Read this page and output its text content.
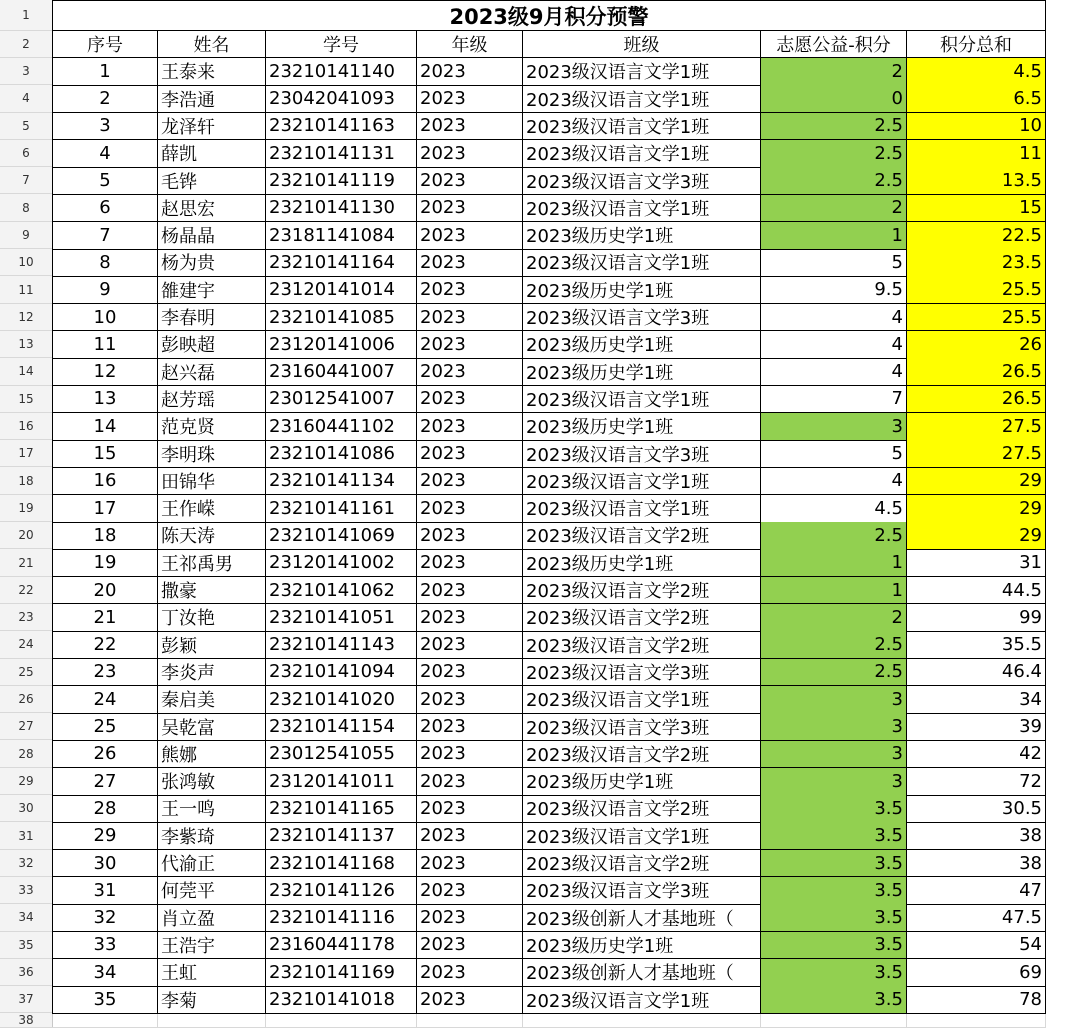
1
2
3
4
5
6
7
8
9
10
11
12
13
14
15
16
17
18
19
20
21
22
23
24
25
26
27
28
29
30
31
32
33
34
35
36
37
38
2023级9月积分预警
序号	姓名	学号	年级	班级	志愿公益-积分	积分总和
1	王泰来	23210141140	2023	2023级汉语言文学1班	2	4.5
2	李浩通	23042041093	2023	2023级汉语言文学1班	0	6.5
3	龙泽轩	23210141163	2023	2023级汉语言文学1班	2.5	10
4	薛凯	23210141131	2023	2023级汉语言文学1班	2.5	11
5	毛铧	23210141119	2023	2023级汉语言文学3班	2.5	13.5
6	赵思宏	23210141130	2023	2023级汉语言文学1班	2	15
7	杨晶晶	23181141084	2023	2023级历史学1班	1	22.5
8	杨为贵	23210141164	2023	2023级汉语言文学1班	5	23.5
9	雒建宇	23120141014	2023	2023级历史学1班	9.5	25.5
10	李春明	23210141085	2023	2023级汉语言文学3班	4	25.5
11	彭映超	23120141006	2023	2023级历史学1班	4	26
12	赵兴磊	23160441007	2023	2023级历史学1班	4	26.5
13	赵芳瑶	23012541007	2023	2023级汉语言文学1班	7	26.5
14	范克贤	23160441102	2023	2023级历史学1班	3	27.5
15	李明珠	23210141086	2023	2023级汉语言文学3班	5	27.5
16	田锦华	23210141134	2023	2023级汉语言文学1班	4	29
17	王作嵘	23210141161	2023	2023级汉语言文学1班	4.5	29
18	陈天涛	23210141069	2023	2023级汉语言文学2班	2.5	29
19	王祁禹男	23120141002	2023	2023级历史学1班	1	31
20	撒豪	23210141062	2023	2023级汉语言文学2班	1	44.5
21	丁汝艳	23210141051	2023	2023级汉语言文学2班	2	99
22	彭颖	23210141143	2023	2023级汉语言文学2班	2.5	35.5
23	李炎声	23210141094	2023	2023级汉语言文学3班	2.5	46.4
24	秦启美	23210141020	2023	2023级汉语言文学1班	3	34
25	吴乾富	23210141154	2023	2023级汉语言文学3班	3	39
26	熊娜	23012541055	2023	2023级汉语言文学2班	3	42
27	张鸿敏	23120141011	2023	2023级历史学1班	3	72
28	王一鸣	23210141165	2023	2023级汉语言文学2班	3.5	30.5
29	李紫琦	23210141137	2023	2023级汉语言文学1班	3.5	38
30	代渝正	23210141168	2023	2023级汉语言文学2班	3.5	38
31	何莞平	23210141126	2023	2023级汉语言文学3班	3.5	47
32	肖立盈	23210141116	2023	2023级创新人才基地班（	3.5	47.5
33	王浩宇	23160441178	2023	2023级历史学1班	3.5	54
34	王虹	23210141169	2023	2023级创新人才基地班（	3.5	69
35	李菊	23210141018	2023	2023级汉语言文学1班	3.5	78
